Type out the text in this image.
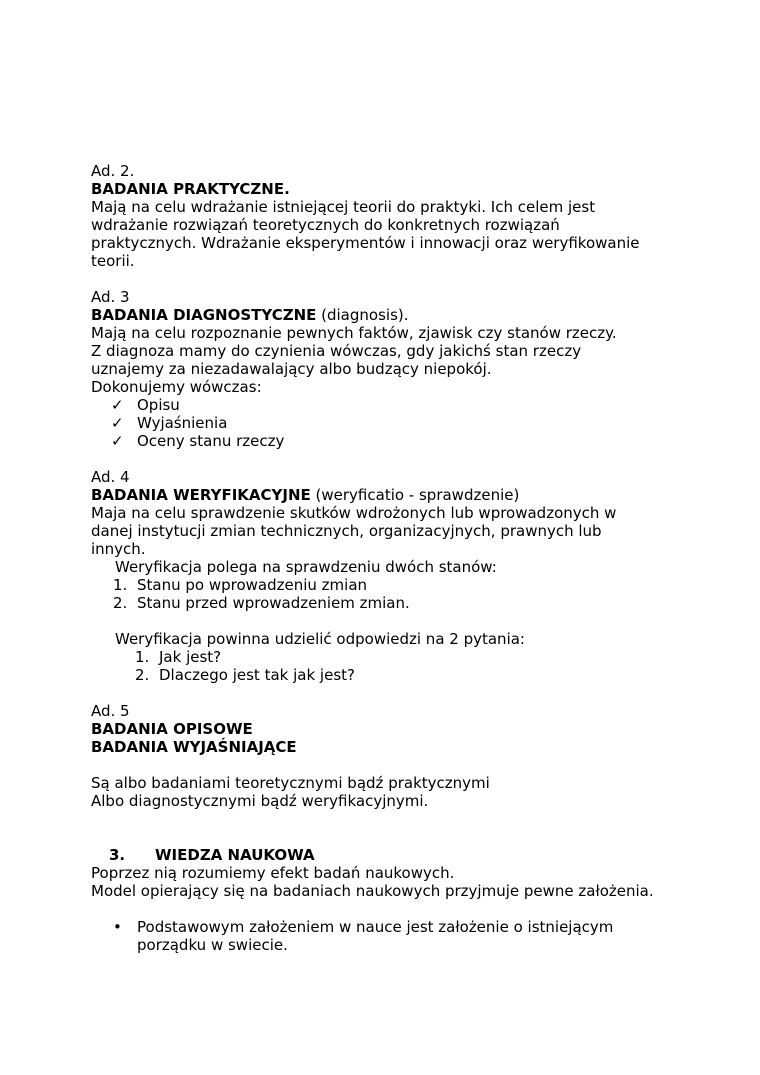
Ad. 2.
BADANIA PRAKTYCZNE.
Mają na celu wdrażanie istniejącej teorii do praktyki. Ich celem jest
wdrażanie rozwiązań teoretycznych do konkretnych rozwiązań
praktycznych. Wdrażanie eksperymentów i innowacji oraz weryfikowanie
teorii.
Ad. 3
BADANIA DIAGNOSTYCZNE (diagnosis).
Mają na celu rozpoznanie pewnych faktów, zjawisk czy stanów rzeczy.
Z diagnoza mamy do czynienia wówczas, gdy jakichś stan rzeczy
uznajemy za niezadawalający albo budzący niepokój.
Dokonujemy wówczas:
✓ Opisu
✓ Wyjaśnienia
✓ Oceny stanu rzeczy
Ad. 4
BADANIA WERYFIKACYJNE (weryficatio - sprawdzenie)
Maja na celu sprawdzenie skutków wdrożonych lub wprowadzonych w
danej instytucji zmian technicznych, organizacyjnych, prawnych lub
innych.
Weryfikacja polega na sprawdzeniu dwóch stanów:
1. Stanu po wprowadzeniu zmian
2. Stanu przed wprowadzeniem zmian.
Weryfikacja powinna udzielić odpowiedzi na 2 pytania:
1. Jak jest?
2. Dlaczego jest tak jak jest?
Ad. 5
BADANIA OPISOWE
BADANIA WYJAŚNIAJĄCE
Są albo badaniami teoretycznymi bądź praktycznymi
Albo diagnostycznymi bądź weryfikacyjnymi.
3. WIEDZA NAUKOWA
Poprzez nią rozumiemy efekt badań naukowych.
Model opierający się na badaniach naukowych przyjmuje pewne założenia.
• Podstawowym założeniem w nauce jest założenie o istniejącym
porządku w swiecie.
